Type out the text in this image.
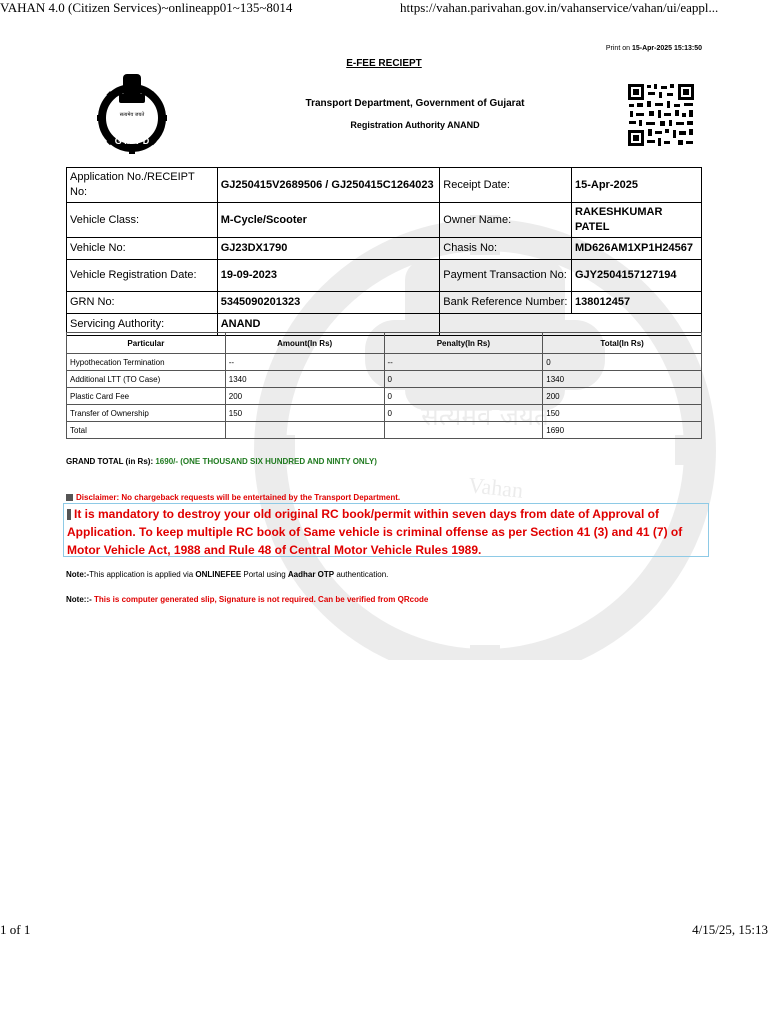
VAHAN 4.0 (Citizen Services)~onlineapp01~135~8014	https://vahan.parivahan.gov.in/vahanservice/vahan/ui/eappl...
सत्यमेव जयते
Vahan
Print on 15-Apr-2025 15:13:50
E-FEE RECIEPT
Transport Department, Government of Gujarat
Registration Authority ANAND
सत्यमेव जयते
G M V D
Application No./RECEIPT No:	GJ250415V2689506 / GJ250415C1264023	Receipt Date:	15-Apr-2025
Vehicle Class:	M-Cycle/Scooter	Owner Name:	RAKESHKUMAR PATEL
Vehicle No:	GJ23DX1790	Chasis No:	MD626AM1XP1H24567
Vehicle Registration Date:	19-09-2023	Payment Transaction No:	GJY2504157127194
GRN No:	5345090201323	Bank Reference Number:	138012457
Servicing Authority:	ANAND		
Particular	Amount(In Rs)	Penalty(In Rs)	Total(In Rs)
Hypothecation Termination	--	--	0
Additional LTT (TO Case)	1340	0	1340
Plastic Card Fee	200	0	200
Transfer of Ownership	150	0	150
Total			1690
GRAND TOTAL (in Rs): 1690/- (ONE THOUSAND SIX HUNDRED AND NINTY ONLY)
Disclaimer: No chargeback requests will be entertained by the Transport Department.
It is mandatory to destroy your old original RC book/permit within seven days from date of Approval of Application. To keep multiple RC book of Same vehicle is criminal offense as per Section 41 (3) and 41 (7) of Motor Vehicle Act, 1988 and Rule 48 of Central Motor Vehicle Rules 1989.
Note:-This application is applied via ONLINEFEE Portal using Aadhar OTP authentication.
Note::- This is computer generated slip, Signature is not required. Can be verified from QRcode
1 of 1	4/15/25, 15:13
